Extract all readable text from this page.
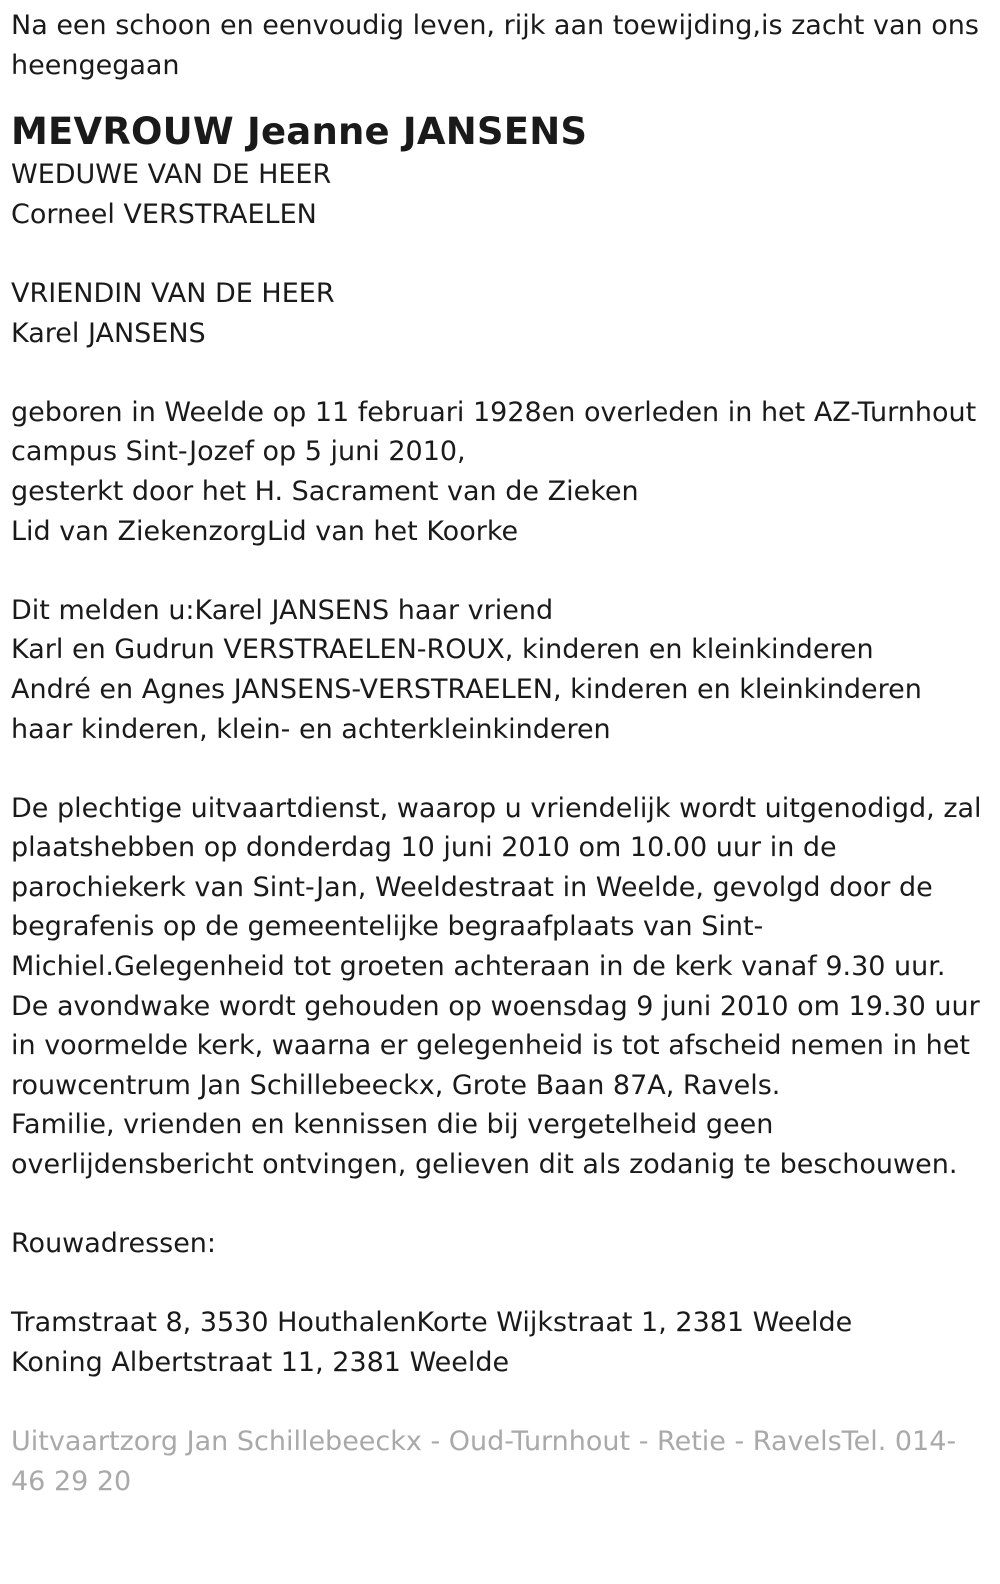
Na een schoon en eenvoudig leven, rijk aan toewijding,is zacht van ons heengegaan

MEVROUW Jeanne JANSENS

WEDUWE VAN DE HEER

Corneel VERSTRAELEN

VRIENDIN VAN DE HEER

Karel JANSENS

geboren in Weelde op 11 februari 1928en overleden in het AZ-Turnhout campus Sint-Jozef op 5 juni 2010,

gesterkt door het H. Sacrament van de Zieken

Lid van ZiekenzorgLid van het Koorke

Dit melden u:Karel JANSENS haar vriend

Karl en Gudrun VERSTRAELEN-ROUX, kinderen en kleinkinderen

André en Agnes JANSENS-VERSTRAELEN, kinderen en kleinkinderen

haar kinderen, klein- en achterkleinkinderen

De plechtige uitvaartdienst, waarop u vriendelijk wordt uitgenodigd, zal plaatshebben op donderdag 10 juni 2010 om 10.00 uur in de parochiekerk van Sint-Jan, Weeldestraat in Weelde, gevolgd door de begrafenis op de gemeentelijke begraafplaats van Sint-Michiel.Gelegenheid tot groeten achteraan in de kerk vanaf 9.30 uur.

De avondwake wordt gehouden op woensdag 9 juni 2010 om 19.30 uur in voormelde kerk, waarna er gelegenheid is tot afscheid nemen in het rouwcentrum Jan Schillebeeckx, Grote Baan 87A, Ravels.

Familie, vrienden en kennissen die bij vergetelheid geen overlijdensbericht ontvingen, gelieven dit als zodanig te beschouwen.

Rouwadressen:

Tramstraat 8, 3530 HouthalenKorte Wijkstraat 1, 2381 Weelde

Koning Albertstraat 11, 2381 Weelde

Uitvaartzorg Jan Schillebeeckx - Oud-Turnhout - Retie - RavelsTel. 014-46 29 20
